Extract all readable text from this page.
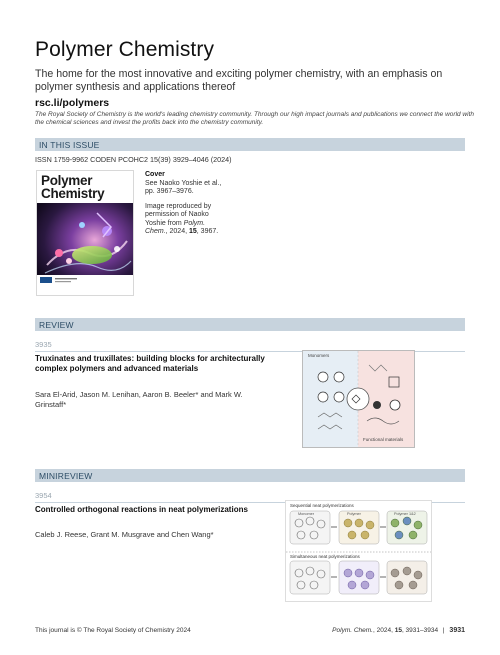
Polymer Chemistry
The home for the most innovative and exciting polymer chemistry, with an emphasis on polymer synthesis and applications thereof
rsc.li/polymers
The Royal Society of Chemistry is the world's leading chemistry community. Through our high impact journals and publications we connect the world with the chemical sciences and invest the profits back into the chemistry community.
IN THIS ISSUE
ISSN 1759-9962 CODEN PCOHC2 15(39) 3929–4046 (2024)
Polymer
Chemistry
Cover
See Naoko Yoshie et al.,
pp. 3967–3976.
Image reproduced by permission of Naoko Yoshie from Polym. Chem., 2024, 15, 3967.
REVIEW
3935
Truxinates and truxillates: building blocks for architecturally complex polymers and advanced materials
Sara El-Arid, Jason M. Lenihan, Aaron B. Beeler* and Mark W. Grinstaff*
Monomers
Functional materials
MINIREVIEW
3954
Controlled orthogonal reactions in neat polymerizations
Caleb J. Reese, Grant M. Musgrave and Chen Wang*
Sequential neat polymerizations
Simultaneous neat polymerizations
Monomer	Polymer	Polymer 1&2
This journal is © The Royal Society of Chemistry 2024	Polym. Chem., 2024, 15, 3931–3934 | 3931
